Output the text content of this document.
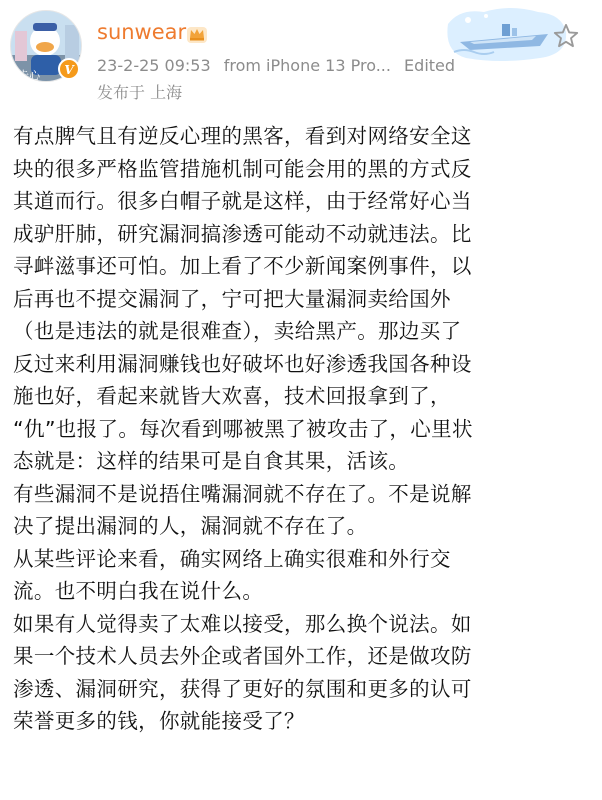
卡心	V
sunwear
23-2-25 09:53 from iPhone 13 Pro... Edited
发布于 上海

有点脾气且有逆反心理的黑客，看到对网络安全这

块的很多严格监管措施机制可能会用的黑的方式反

其道而行。很多白帽子就是这样，由于经常好心当

成驴肝肺，研究漏洞搞渗透可能动不动就违法。比

寻衅滋事还可怕。加上看了不少新闻案例事件，以

后再也不提交漏洞了，宁可把大量漏洞卖给国外

（也是违法的就是很难查），卖给黑产。那边买了

反过来利用漏洞赚钱也好破坏也好渗透我国各种设

施也好，看起来就皆大欢喜，技术回报拿到了，

“仇”也报了。每次看到哪被黑了被攻击了，心里状

态就是：这样的结果可是自食其果，活该。

有些漏洞不是说捂住嘴漏洞就不存在了。不是说解

决了提出漏洞的人，漏洞就不存在了。

从某些评论来看，确实网络上确实很难和外行交

流。也不明白我在说什么。

如果有人觉得卖了太难以接受，那么换个说法。如

果一个技术人员去外企或者国外工作，还是做攻防

渗透、漏洞研究，获得了更好的氛围和更多的认可

荣誉更多的钱，你就能接受了？
